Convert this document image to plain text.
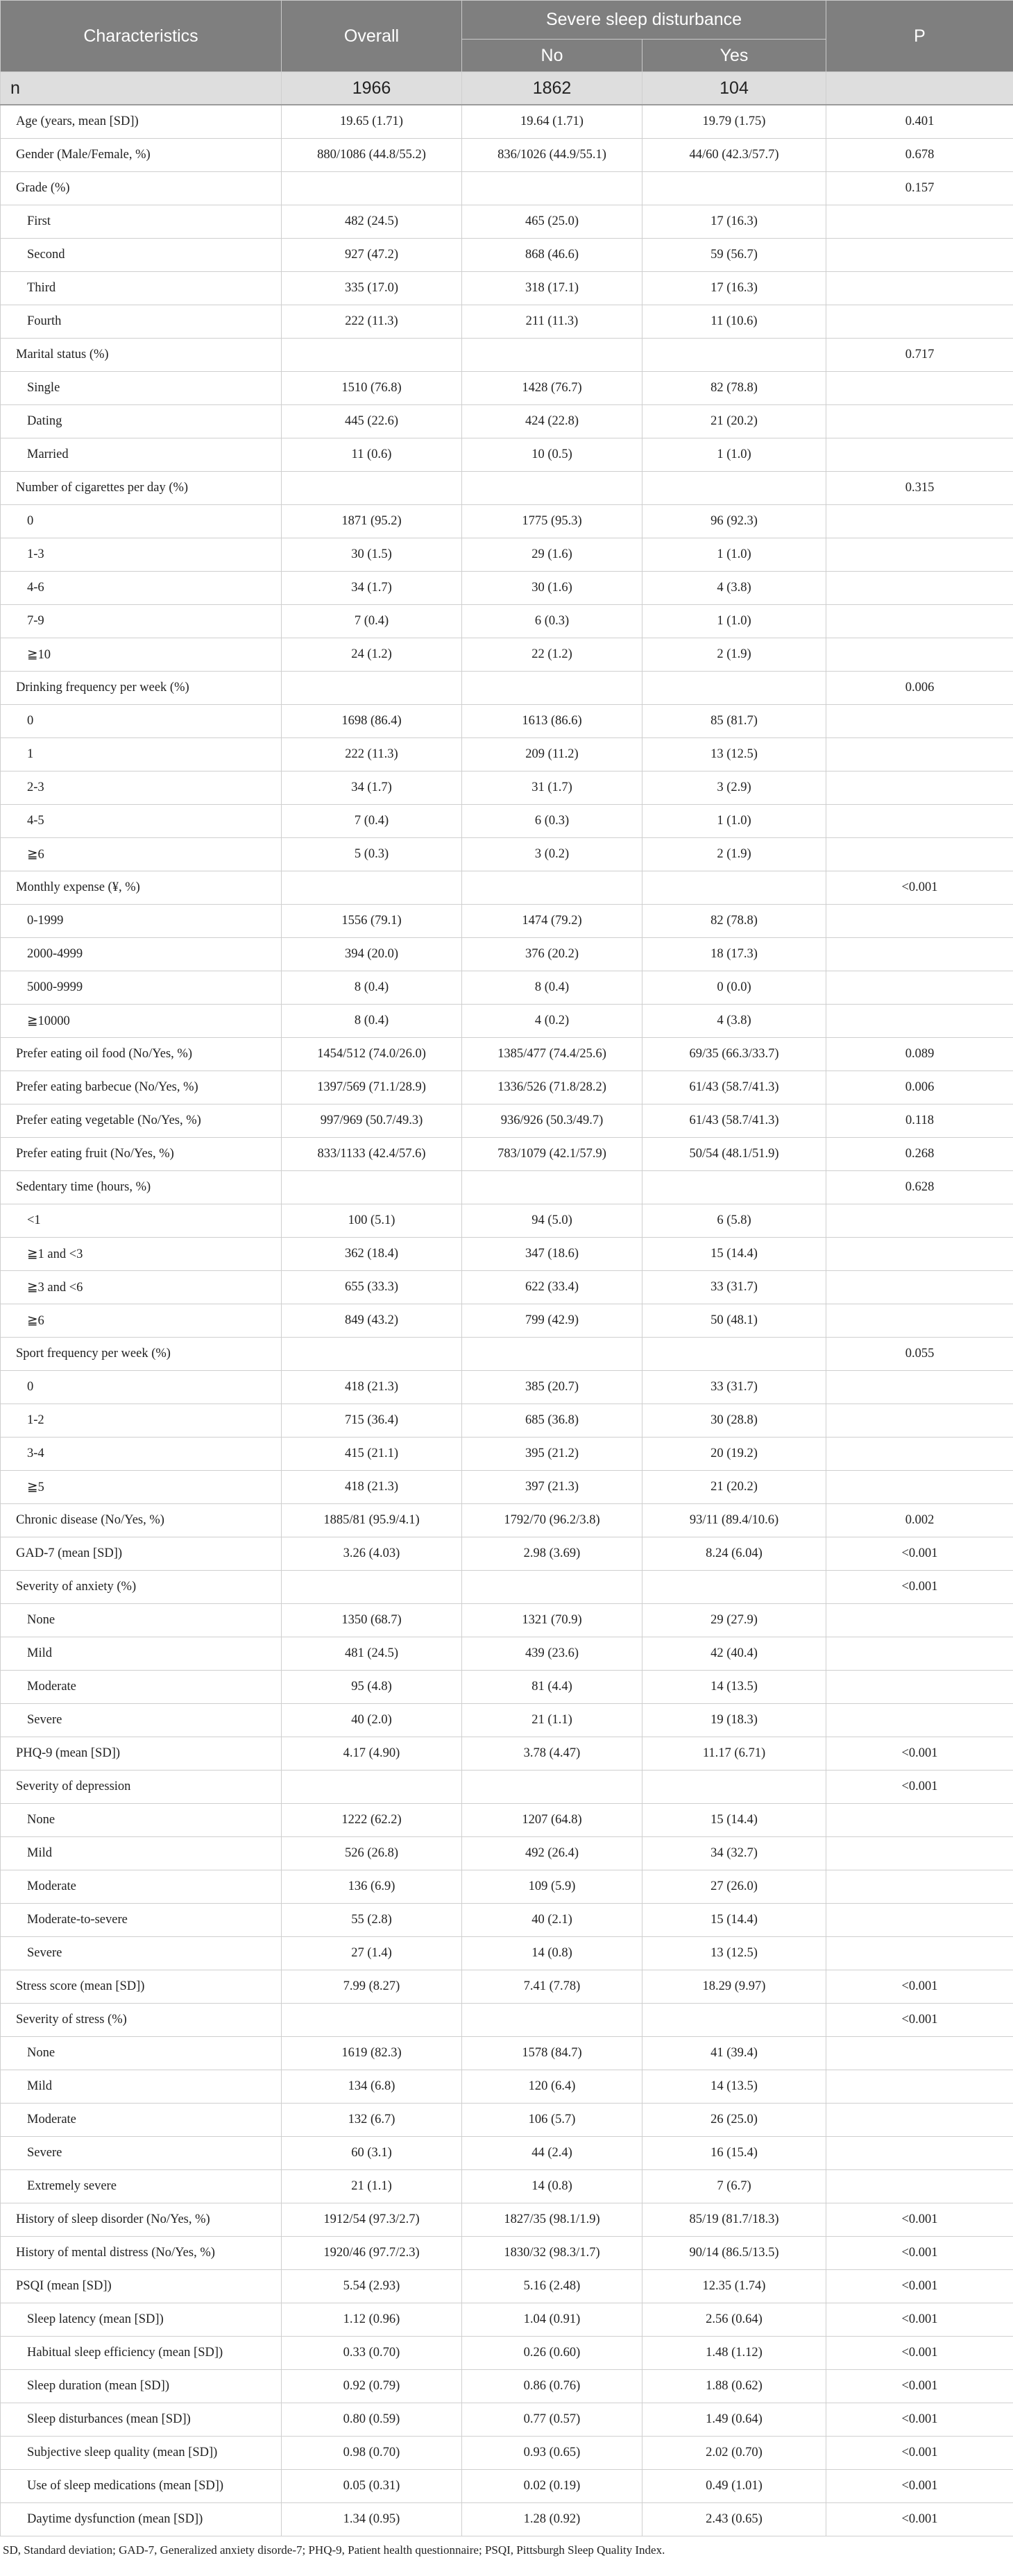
Characteristics	Overall	Severe sleep disturbance		P
		No	Yes	
n	1966	1862	104	
Age (years, mean [SD])	19.65 (1.71)	19.64 (1.71)	19.79 (1.75)	0.401
Gender (Male/Female, %)	880/1086 (44.8/55.2)	836/1026 (44.9/55.1)	44/60 (42.3/57.7)	0.678
Grade (%)				0.157
First	482 (24.5)	465 (25.0)	17 (16.3)	
Second	927 (47.2)	868 (46.6)	59 (56.7)	
Third	335 (17.0)	318 (17.1)	17 (16.3)	
Fourth	222 (11.3)	211 (11.3)	11 (10.6)	
Marital status (%)				0.717
Single	1510 (76.8)	1428 (76.7)	82 (78.8)	
Dating	445 (22.6)	424 (22.8)	21 (20.2)	
Married	11 (0.6)	10 (0.5)	1 (1.0)	
Number of cigarettes per day (%)				0.315
0	1871 (95.2)	1775 (95.3)	96 (92.3)	
1-3	30 (1.5)	29 (1.6)	1 (1.0)	
4-6	34 (1.7)	30 (1.6)	4 (3.8)	
7-9	7 (0.4)	6 (0.3)	1 (1.0)	
≧10	24 (1.2)	22 (1.2)	2 (1.9)	
Drinking frequency per week (%)				0.006
0	1698 (86.4)	1613 (86.6)	85 (81.7)	
1	222 (11.3)	209 (11.2)	13 (12.5)	
2-3	34 (1.7)	31 (1.7)	3 (2.9)	
4-5	7 (0.4)	6 (0.3)	1 (1.0)	
≧6	5 (0.3)	3 (0.2)	2 (1.9)	
Monthly expense (¥, %)				<0.001
0-1999	1556 (79.1)	1474 (79.2)	82 (78.8)	
2000-4999	394 (20.0)	376 (20.2)	18 (17.3)	
5000-9999	8 (0.4)	8 (0.4)	0 (0.0)	
≧10000	8 (0.4)	4 (0.2)	4 (3.8)	
Prefer eating oil food (No/Yes, %)	1454/512 (74.0/26.0)	1385/477 (74.4/25.6)	69/35 (66.3/33.7)	0.089
Prefer eating barbecue (No/Yes, %)	1397/569 (71.1/28.9)	1336/526 (71.8/28.2)	61/43 (58.7/41.3)	0.006
Prefer eating vegetable (No/Yes, %)	997/969 (50.7/49.3)	936/926 (50.3/49.7)	61/43 (58.7/41.3)	0.118
Prefer eating fruit (No/Yes, %)	833/1133 (42.4/57.6)	783/1079 (42.1/57.9)	50/54 (48.1/51.9)	0.268
Sedentary time (hours, %)				0.628
<1	100 (5.1)	94 (5.0)	6 (5.8)	
≧1 and <3	362 (18.4)	347 (18.6)	15 (14.4)	
≧3 and <6	655 (33.3)	622 (33.4)	33 (31.7)	
≧6	849 (43.2)	799 (42.9)	50 (48.1)	
Sport frequency per week (%)				0.055
0	418 (21.3)	385 (20.7)	33 (31.7)	
1-2	715 (36.4)	685 (36.8)	30 (28.8)	
3-4	415 (21.1)	395 (21.2)	20 (19.2)	
≧5	418 (21.3)	397 (21.3)	21 (20.2)	
Chronic disease (No/Yes, %)	1885/81 (95.9/4.1)	1792/70 (96.2/3.8)	93/11 (89.4/10.6)	0.002
GAD-7 (mean [SD])	3.26 (4.03)	2.98 (3.69)	8.24 (6.04)	<0.001
Severity of anxiety (%)				<0.001
None	1350 (68.7)	1321 (70.9)	29 (27.9)	
Mild	481 (24.5)	439 (23.6)	42 (40.4)	
Moderate	95 (4.8)	81 (4.4)	14 (13.5)	
Severe	40 (2.0)	21 (1.1)	19 (18.3)	
PHQ-9 (mean [SD])	4.17 (4.90)	3.78 (4.47)	11.17 (6.71)	<0.001
Severity of depression				<0.001
None	1222 (62.2)	1207 (64.8)	15 (14.4)	
Mild	526 (26.8)	492 (26.4)	34 (32.7)	
Moderate	136 (6.9)	109 (5.9)	27 (26.0)	
Moderate-to-severe	55 (2.8)	40 (2.1)	15 (14.4)	
Severe	27 (1.4)	14 (0.8)	13 (12.5)	
Stress score (mean [SD])	7.99 (8.27)	7.41 (7.78)	18.29 (9.97)	<0.001
Severity of stress (%)				<0.001
None	1619 (82.3)	1578 (84.7)	41 (39.4)	
Mild	134 (6.8)	120 (6.4)	14 (13.5)	
Moderate	132 (6.7)	106 (5.7)	26 (25.0)	
Severe	60 (3.1)	44 (2.4)	16 (15.4)	
Extremely severe	21 (1.1)	14 (0.8)	7 (6.7)	
History of sleep disorder (No/Yes, %)	1912/54 (97.3/2.7)	1827/35 (98.1/1.9)	85/19 (81.7/18.3)	<0.001
History of mental distress (No/Yes, %)	1920/46 (97.7/2.3)	1830/32 (98.3/1.7)	90/14 (86.5/13.5)	<0.001
PSQI (mean [SD])	5.54 (2.93)	5.16 (2.48)	12.35 (1.74)	<0.001
Sleep latency (mean [SD])	1.12 (0.96)	1.04 (0.91)	2.56 (0.64)	<0.001
Habitual sleep efficiency (mean [SD])	0.33 (0.70)	0.26 (0.60)	1.48 (1.12)	<0.001
Sleep duration (mean [SD])	0.92 (0.79)	0.86 (0.76)	1.88 (0.62)	<0.001
Sleep disturbances (mean [SD])	0.80 (0.59)	0.77 (0.57)	1.49 (0.64)	<0.001
Subjective sleep quality (mean [SD])	0.98 (0.70)	0.93 (0.65)	2.02 (0.70)	<0.001
Use of sleep medications (mean [SD])	0.05 (0.31)	0.02 (0.19)	0.49 (1.01)	<0.001
Daytime dysfunction (mean [SD])	1.34 (0.95)	1.28 (0.92)	2.43 (0.65)	<0.001
SD, Standard deviation; GAD-7, Generalized anxiety disorde-7; PHQ-9, Patient health questionnaire; PSQI, Pittsburgh Sleep Quality Index.
